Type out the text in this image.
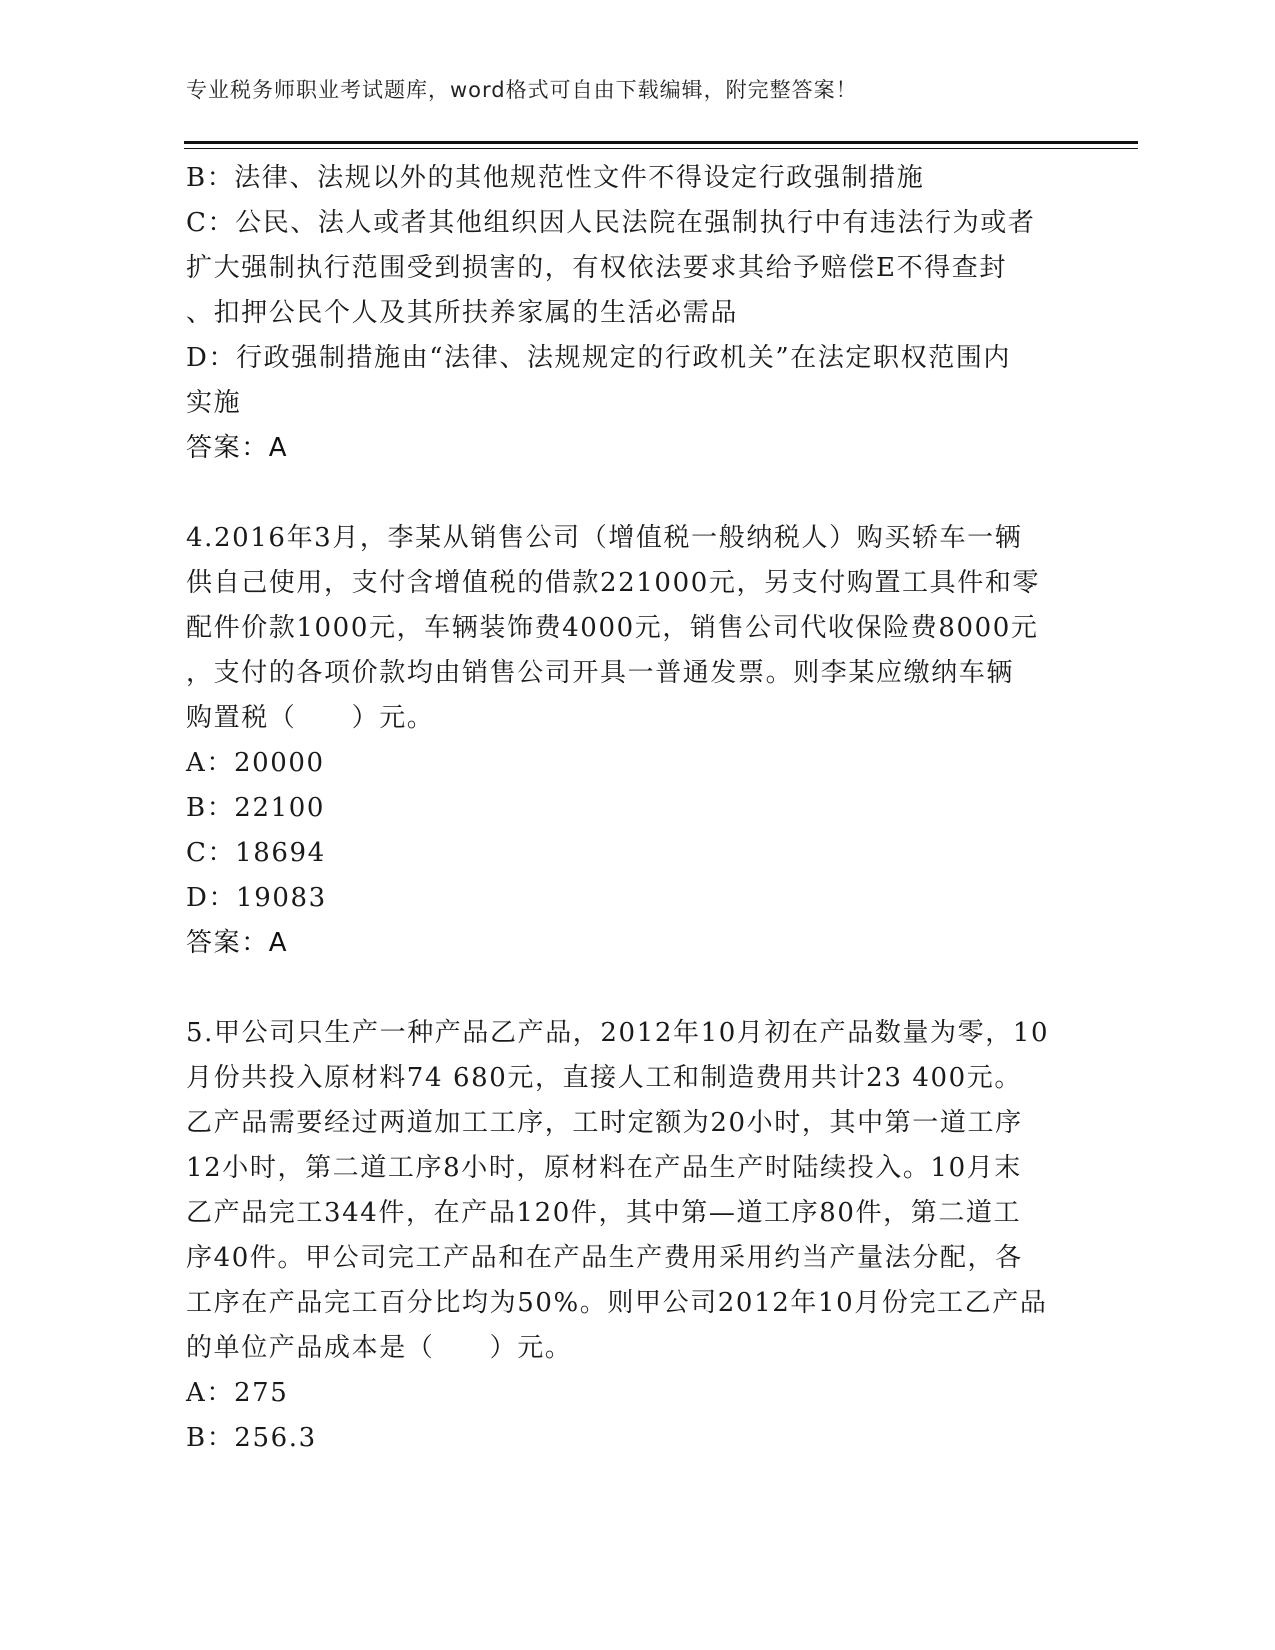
专业税务师职业考试题库，word格式可自由下载编辑，附完整答案！
B：法律、法规以外的其他规范性文件不得设定行政强制措施
C：公民、法人或者其他组织因人民法院在强制执行中有违法行为或者
扩大强制执行范围受到损害的，有权依法要求其给予赔偿E不得查封
、扣押公民个人及其所扶养家属的生活必需品
D：行政强制措施由“法律、法规规定的行政机关”在法定职权范围内
实施
答案：A
4.2016年3月，李某从销售公司（增值税一般纳税人）购买轿车一辆
供自己使用，支付含增值税的借款221000元，另支付购置工具件和零
配件价款1000元，车辆装饰费4000元，销售公司代收保险费8000元
，支付的各项价款均由销售公司开具一普通发票。则李某应缴纳车辆
购置税（　　）元。
A：20000
B：22100
C：18694
D：19083
答案：A
5.甲公司只生产一种产品乙产品，2012年10月初在产品数量为零，10
月份共投入原材料74 680元，直接人工和制造费用共计23 400元。
乙产品需要经过两道加工工序，工时定额为20小时，其中第一道工序
12小时，第二道工序8小时，原材料在产品生产时陆续投入。10月末
乙产品完工344件，在产品120件，其中第—道工序80件，第二道工
序40件。甲公司完工产品和在产品生产费用采用约当产量法分配，各
工序在产品完工百分比均为50%。则甲公司2012年10月份完工乙产品
的单位产品成本是（　　）元。
A：275
B：256.3
